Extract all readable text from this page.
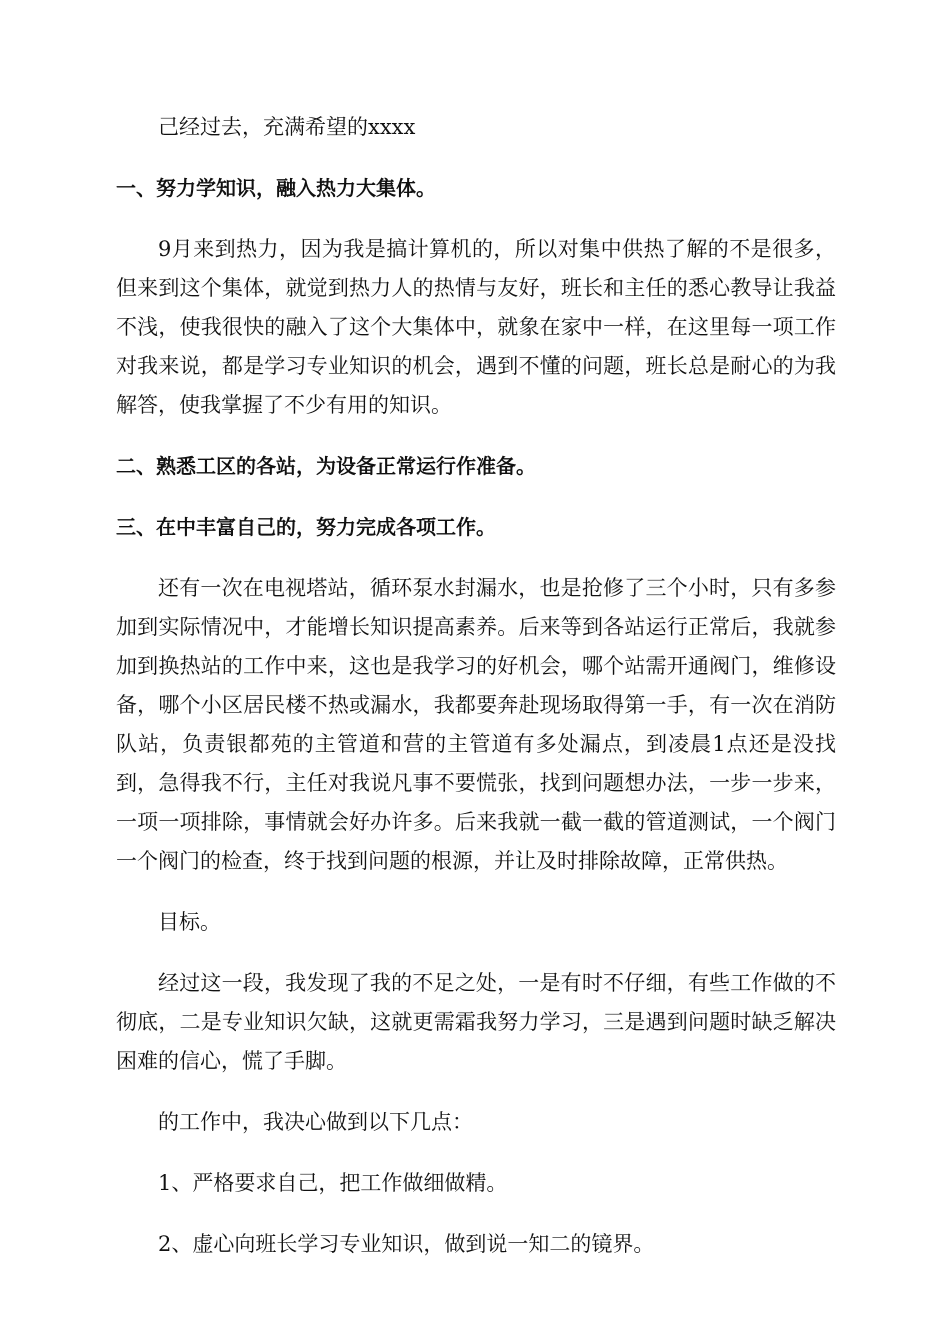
己经过去，充满希望的xxxx

一、努力学知识，融入热力大集体。

9月来到热力，因为我是搞计算机的，所以对集中供热了解的不是很多，但来到这个集体，就觉到热力人的热情与友好，班长和主任的悉心教导让我益不浅，使我很快的融入了这个大集体中，就象在家中一样，在这里每一项工作对我来说，都是学习专业知识的机会，遇到不懂的问题，班长总是耐心的为我解答，使我掌握了不少有用的知识。

二、熟悉工区的各站，为设备正常运行作准备。

三、在中丰富自己的，努力完成各项工作。

还有一次在电视塔站，循环泵水封漏水，也是抢修了三个小时，只有多参加到实际情况中，才能增长知识提高素养。后来等到各站运行正常后，我就参加到换热站的工作中来，这也是我学习的好机会，哪个站需开通阀门，维修设备，哪个小区居民楼不热或漏水，我都要奔赴现场取得第一手，有一次在消防队站，负责银都苑的主管道和营的主管道有多处漏点，到凌晨1点还是没找到，急得我不行，主任对我说凡事不要慌张，找到问题想办法，一步一步来，一项一项排除，事情就会好办许多。后来我就一截一截的管道测试，一个阀门一个阀门的检查，终于找到问题的根源，并让及时排除故障，正常供热。

目标。

经过这一段，我发现了我的不足之处，一是有时不仔细，有些工作做的不彻底，二是专业知识欠缺，这就更需霜我努力学习，三是遇到问题时缺乏解决困难的信心，慌了手脚。

的工作中，我决心做到以下几点：

1、严格要求自己，把工作做细做精。

2、虚心向班长学习专业知识，做到说一知二的镜界。
